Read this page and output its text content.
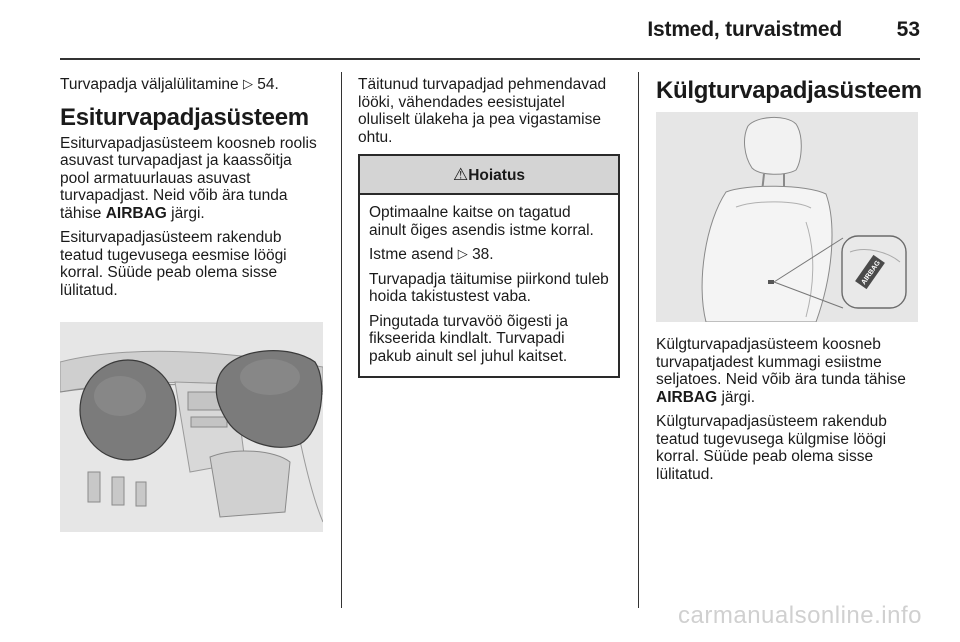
Istmed, turvaistmed	53

Turvapadja väljalülitamine ▷ 54.

Esiturvapadjasüsteem

Esiturvapadjasüsteem koosneb roolis asuvast turvapadjast ja kaassõitja pool armatuurlauas asuvast turvapadjast. Neid võib ära tunda tähise AIRBAG järgi.

Esiturvapadjasüsteem rakendub teatud tugevusega eesmise löögi korral. Süüde peab olema sisse lülitatud.

Täitunud turvapadjad pehmendavad lööki, vähendades eesistujatel oluliselt ülakeha ja pea vigastamise ohtu.

⚠Hoiatus

Optimaalne kaitse on tagatud ainult õiges asendis istme korral.

Istme asend ▷ 38.

Turvapadja täitumise piirkond tuleb hoida takistustest vaba.

Pingutada turvavöö õigesti ja fikseerida kindlalt. Turvapadi pakub ainult sel juhul kaitset.

Külgturvapadjasüsteem
AIRBAG

Külgturvapadjasüsteem koosneb turvapatjadest kummagi esiistme seljatoes. Neid võib ära tunda tähise AIRBAG järgi.

Külgturvapadjasüsteem rakendub teatud tugevusega külgmise löögi korral. Süüde peab olema sisse lülitatud.

carmanualsonline.info
